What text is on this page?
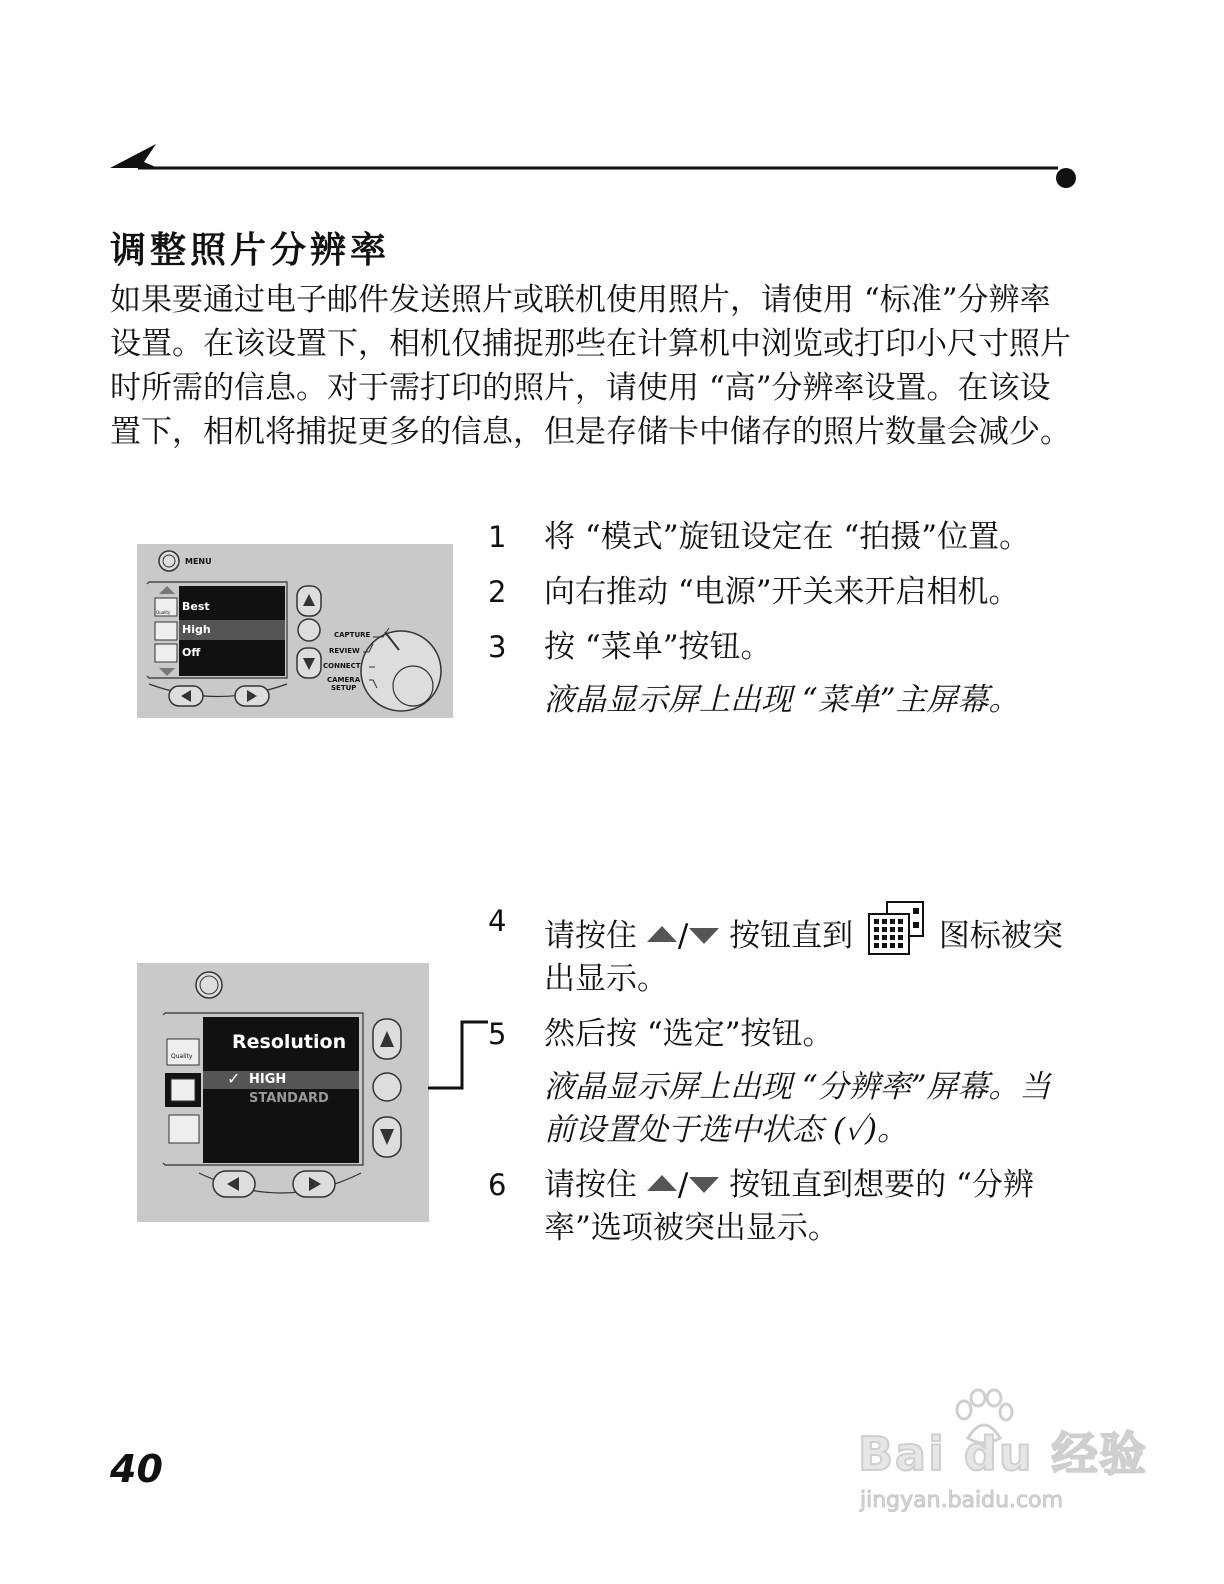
调整照片分辨率

如果要通过电子邮件发送照片或联机使用照片，请使用 “标准”分辨率设置。在该设置下，相机仅捕捉那些在计算机中浏览或打印小尺寸照片时所需的信息。对于需打印的照片，请使用 “高”分辨率设置。在该设置下，相机将捕捉更多的信息，但是存储卡中储存的照片数量会减少。

MENU
Best
High
Off
Quality
CAPTURE
REVIEW
CONNECT
CAMERA
SETUP
Resolution
✓ HIGH
STANDARD
Quality
1 将 “模式”旋钮设定在 “拍摄”位置。
2 向右推动 “电源”开关来开启相机。
3 按 “菜单”按钮。

液晶显示屏上出现 “菜单”主屏幕。

4 请按住 / 按钮直到	图标被突出显示。
5 然后按 “选定”按钮。

液晶显示屏上出现 “分辨率”屏幕。当前设置处于选中状态 (✓)。

6 请按住 / 按钮直到想要的 “分辨率”选项被突出显示。
40	Bai du 经验
jingyan.baidu.com
